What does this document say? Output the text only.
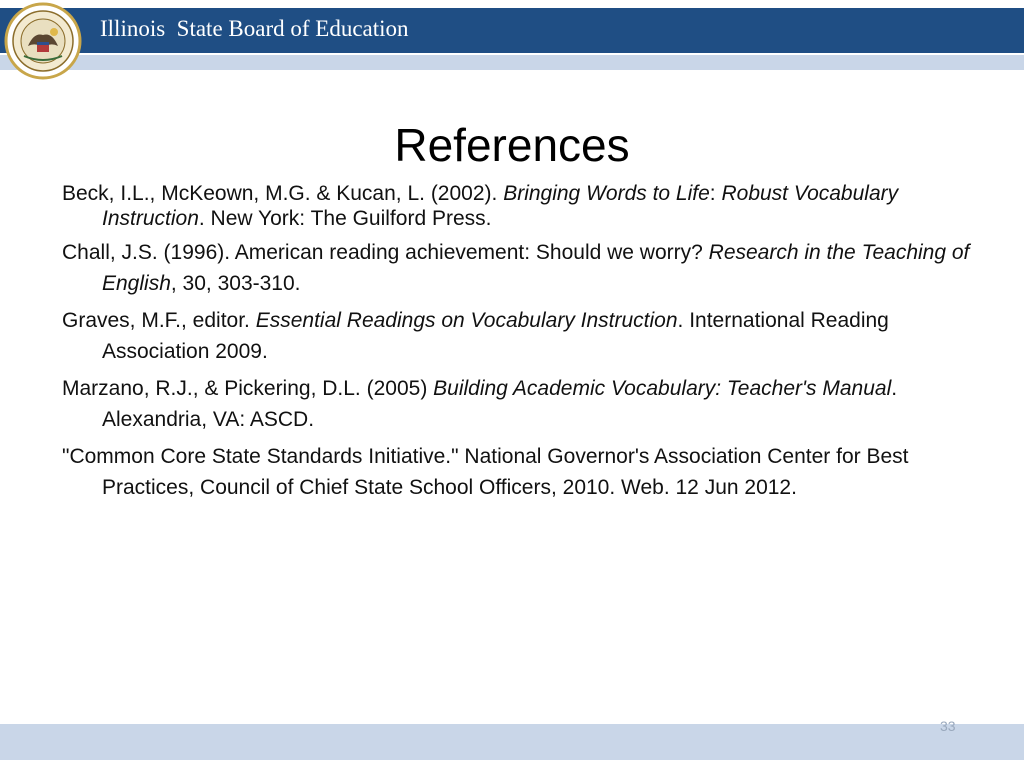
Illinois  State Board of Education
References

Beck, I.L., McKeown, M.G. & Kucan, L. (2002). Bringing Words to Life: Robust Vocabulary Instruction. New York: The Guilford Press.

Chall, J.S. (1996). American reading achievement: Should we worry? Research in the Teaching of English, 30, 303-310.

Graves, M.F., editor. Essential Readings on Vocabulary Instruction. International Reading Association 2009.

Marzano, R.J., & Pickering, D.L. (2005) Building Academic Vocabulary: Teacher's Manual. Alexandria, VA: ASCD.

"Common Core State Standards Initiative." National Governor's Association Center for Best Practices, Council of Chief State School Officers, 2010. Web. 12 Jun 2012.

33
